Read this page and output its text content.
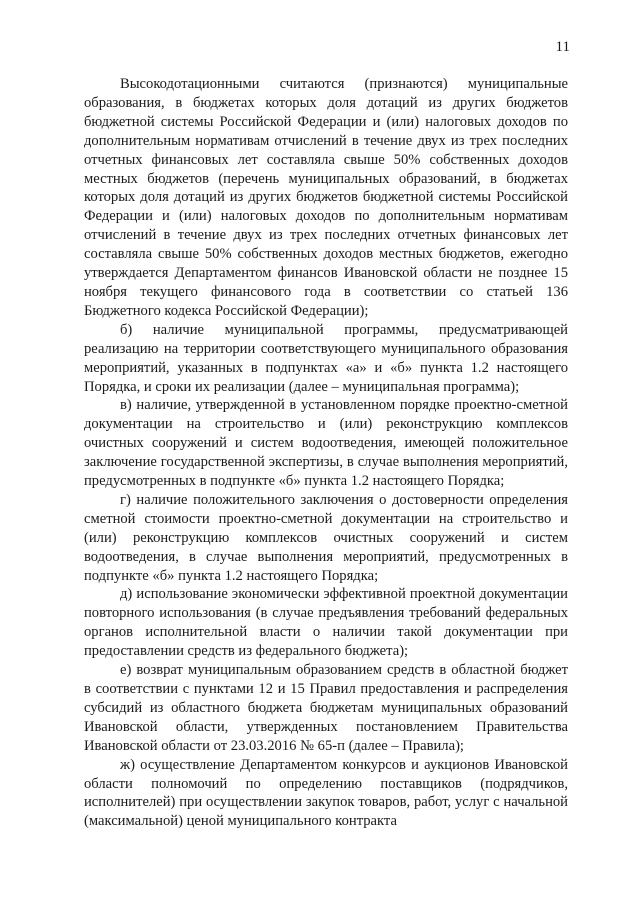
11

Высокодотационными считаются (признаются) муниципальные образования, в бюджетах которых доля дотаций из других бюджетов бюджетной системы Российской Федерации и (или) налоговых доходов по дополнительным нормативам отчислений в течение двух из трех последних отчетных финансовых лет составляла свыше 50% собственных доходов местных бюджетов (перечень муниципальных образований, в бюджетах которых доля дотаций из других бюджетов бюджетной системы Российской Федерации и (или) налоговых доходов по дополнительным нормативам отчислений в течение двух из трех последних отчетных финансовых лет составляла свыше 50% собственных доходов местных бюджетов, ежегодно утверждается Департаментом финансов Ивановской области не позднее 15 ноября текущего финансового года в соответствии со статьей 136 Бюджетного кодекса Российской Федерации);

б) наличие муниципальной программы, предусматривающей реализацию на территории соответствующего муниципального образования мероприятий, указанных в подпунктах «а» и «б» пункта 1.2 настоящего Порядка, и сроки их реализации (далее – муниципальная программа);

в) наличие, утвержденной в установленном порядке проектно-сметной документации на строительство и (или) реконструкцию комплексов очистных сооружений и систем водоотведения, имеющей положительное заключение государственной экспертизы, в случае выполнения мероприятий, предусмотренных в подпункте «б» пункта 1.2 настоящего Порядка;

г) наличие положительного заключения о достоверности определения сметной стоимости проектно-сметной документации на строительство и (или) реконструкцию комплексов очистных сооружений и систем водоотведения, в случае выполнения мероприятий, предусмотренных в подпункте «б» пункта 1.2 настоящего Порядка;

д) использование экономически эффективной проектной документации повторного использования (в случае предъявления требований федеральных органов исполнительной власти о наличии такой документации при предоставлении средств из федерального бюджета);

е) возврат муниципальным образованием средств в областной бюджет в соответствии с пунктами 12 и 15 Правил предоставления и распределения субсидий из областного бюджета бюджетам муниципальных образований Ивановской области, утвержденных постановлением Правительства Ивановской области от 23.03.2016 № 65-п (далее – Правила);

ж) осуществление Департаментом конкурсов и аукционов Ивановской области полномочий по определению поставщиков (подрядчиков, исполнителей) при осуществлении закупок товаров, работ, услуг с начальной (максимальной) ценой муниципального контракта
